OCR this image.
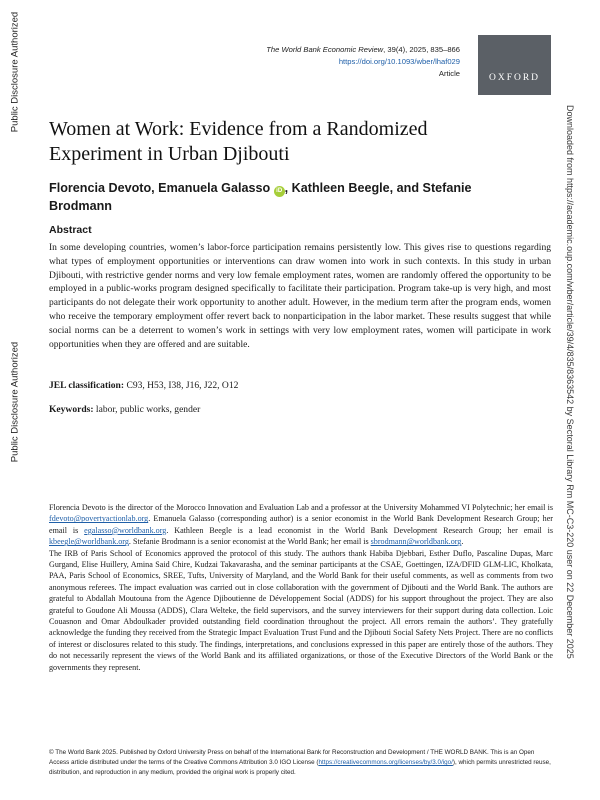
Public Disclosure Authorized
Public Disclosure Authorized	Downloaded from https://academic.oup.com/wber/article/39/4/835/8363542 by Sectoral Library Rm MC-C3-220 user on 22 December 2025
The World Bank Economic Review, 39(4), 2025, 835–866
https://doi.org/10.1093/wber/lhaf029
Article	OXFORD
Women at Work: Evidence from a Randomized Experiment in Urban Djibouti
Florencia Devoto, Emanuela Galasso iD , Kathleen Beegle, and Stefanie Brodmann
Abstract

In some developing countries, women’s labor-force participation remains persistently low. This gives rise to questions regarding what types of employment opportunities or interventions can draw women into work in such contexts. In this study in urban Djibouti, with restrictive gender norms and very low female employment rates, women are randomly offered the opportunity to be employed in a public-works program designed specifically to facilitate their participation. Program take-up is very high, and most participants do not delegate their work opportunity to another adult. However, in the medium term after the program ends, women who receive the temporary employment offer revert back to nonparticipation in the labor market. These results suggest that while social norms can be a deterrent to women’s work in settings with very low employment rates, women will participate in work opportunities when they are offered and are suitable.

JEL classification: C93, H53, I38, J16, J22, O12

Keywords: labor, public works, gender

Florencia Devoto is the director of the Morocco Innovation and Evaluation Lab and a professor at the University Mohammed VI Polytechnic; her email is fdevoto@povertyactionlab.org. Emanuela Galasso (corresponding author) is a senior economist in the World Bank Development Research Group; her email is egalasso@worldbank.org. Kathleen Beegle is a lead economist in the World Bank Development Research Group; her email is kbeegle@worldbank.org. Stefanie Brodmann is a senior economist at the World Bank; her email is sbrodmann@worldbank.org.

The IRB of Paris School of Economics approved the protocol of this study. The authors thank Habiba Djebbari, Esther Duflo, Pascaline Dupas, Marc Gurgand, Elise Huillery, Amina Said Chire, Kudzai Takavarasha, and the seminar participants at the CSAE, Goettingen, IZA/DFID GLM-LIC, Kholkata, PAA, Paris School of Economics, SREE, Tufts, University of Maryland, and the World Bank for their useful comments, as well as comments from two anonymous referees. The impact evaluation was carried out in close collaboration with the government of Djibouti and the World Bank. The authors are grateful to Abdallah Moutouna from the Agence Djiboutienne de Développement Social (ADDS) for his support throughout the project. They are also grateful to Goudone Ali Moussa (ADDS), Clara Welteke, the field supervisors, and the survey interviewers for their support during data collection. Loic Couasnon and Omar Abdoulkader provided outstanding field coordination throughout the project. All errors remain the authors’. They gratefully acknowledge the funding they received from the Strategic Impact Evaluation Trust Fund and the Djibouti Social Safety Nets Project. There are no conflicts of interest or disclosures related to this study. The findings, interpretations, and conclusions expressed in this paper are entirely those of the authors. They do not necessarily represent the views of the World Bank and its affiliated organizations, or those of the Executive Directors of the World Bank or the governments they represent.

© The World Bank 2025. Published by Oxford University Press on behalf of the International Bank for Reconstruction and Development / THE WORLD BANK. This is an Open Access article distributed under the terms of the Creative Commons Attribution 3.0 IGO License (https://creativecommons.org/licenses/by/3.0/igo/), which permits unrestricted reuse, distribution, and reproduction in any medium, provided the original work is properly cited.
